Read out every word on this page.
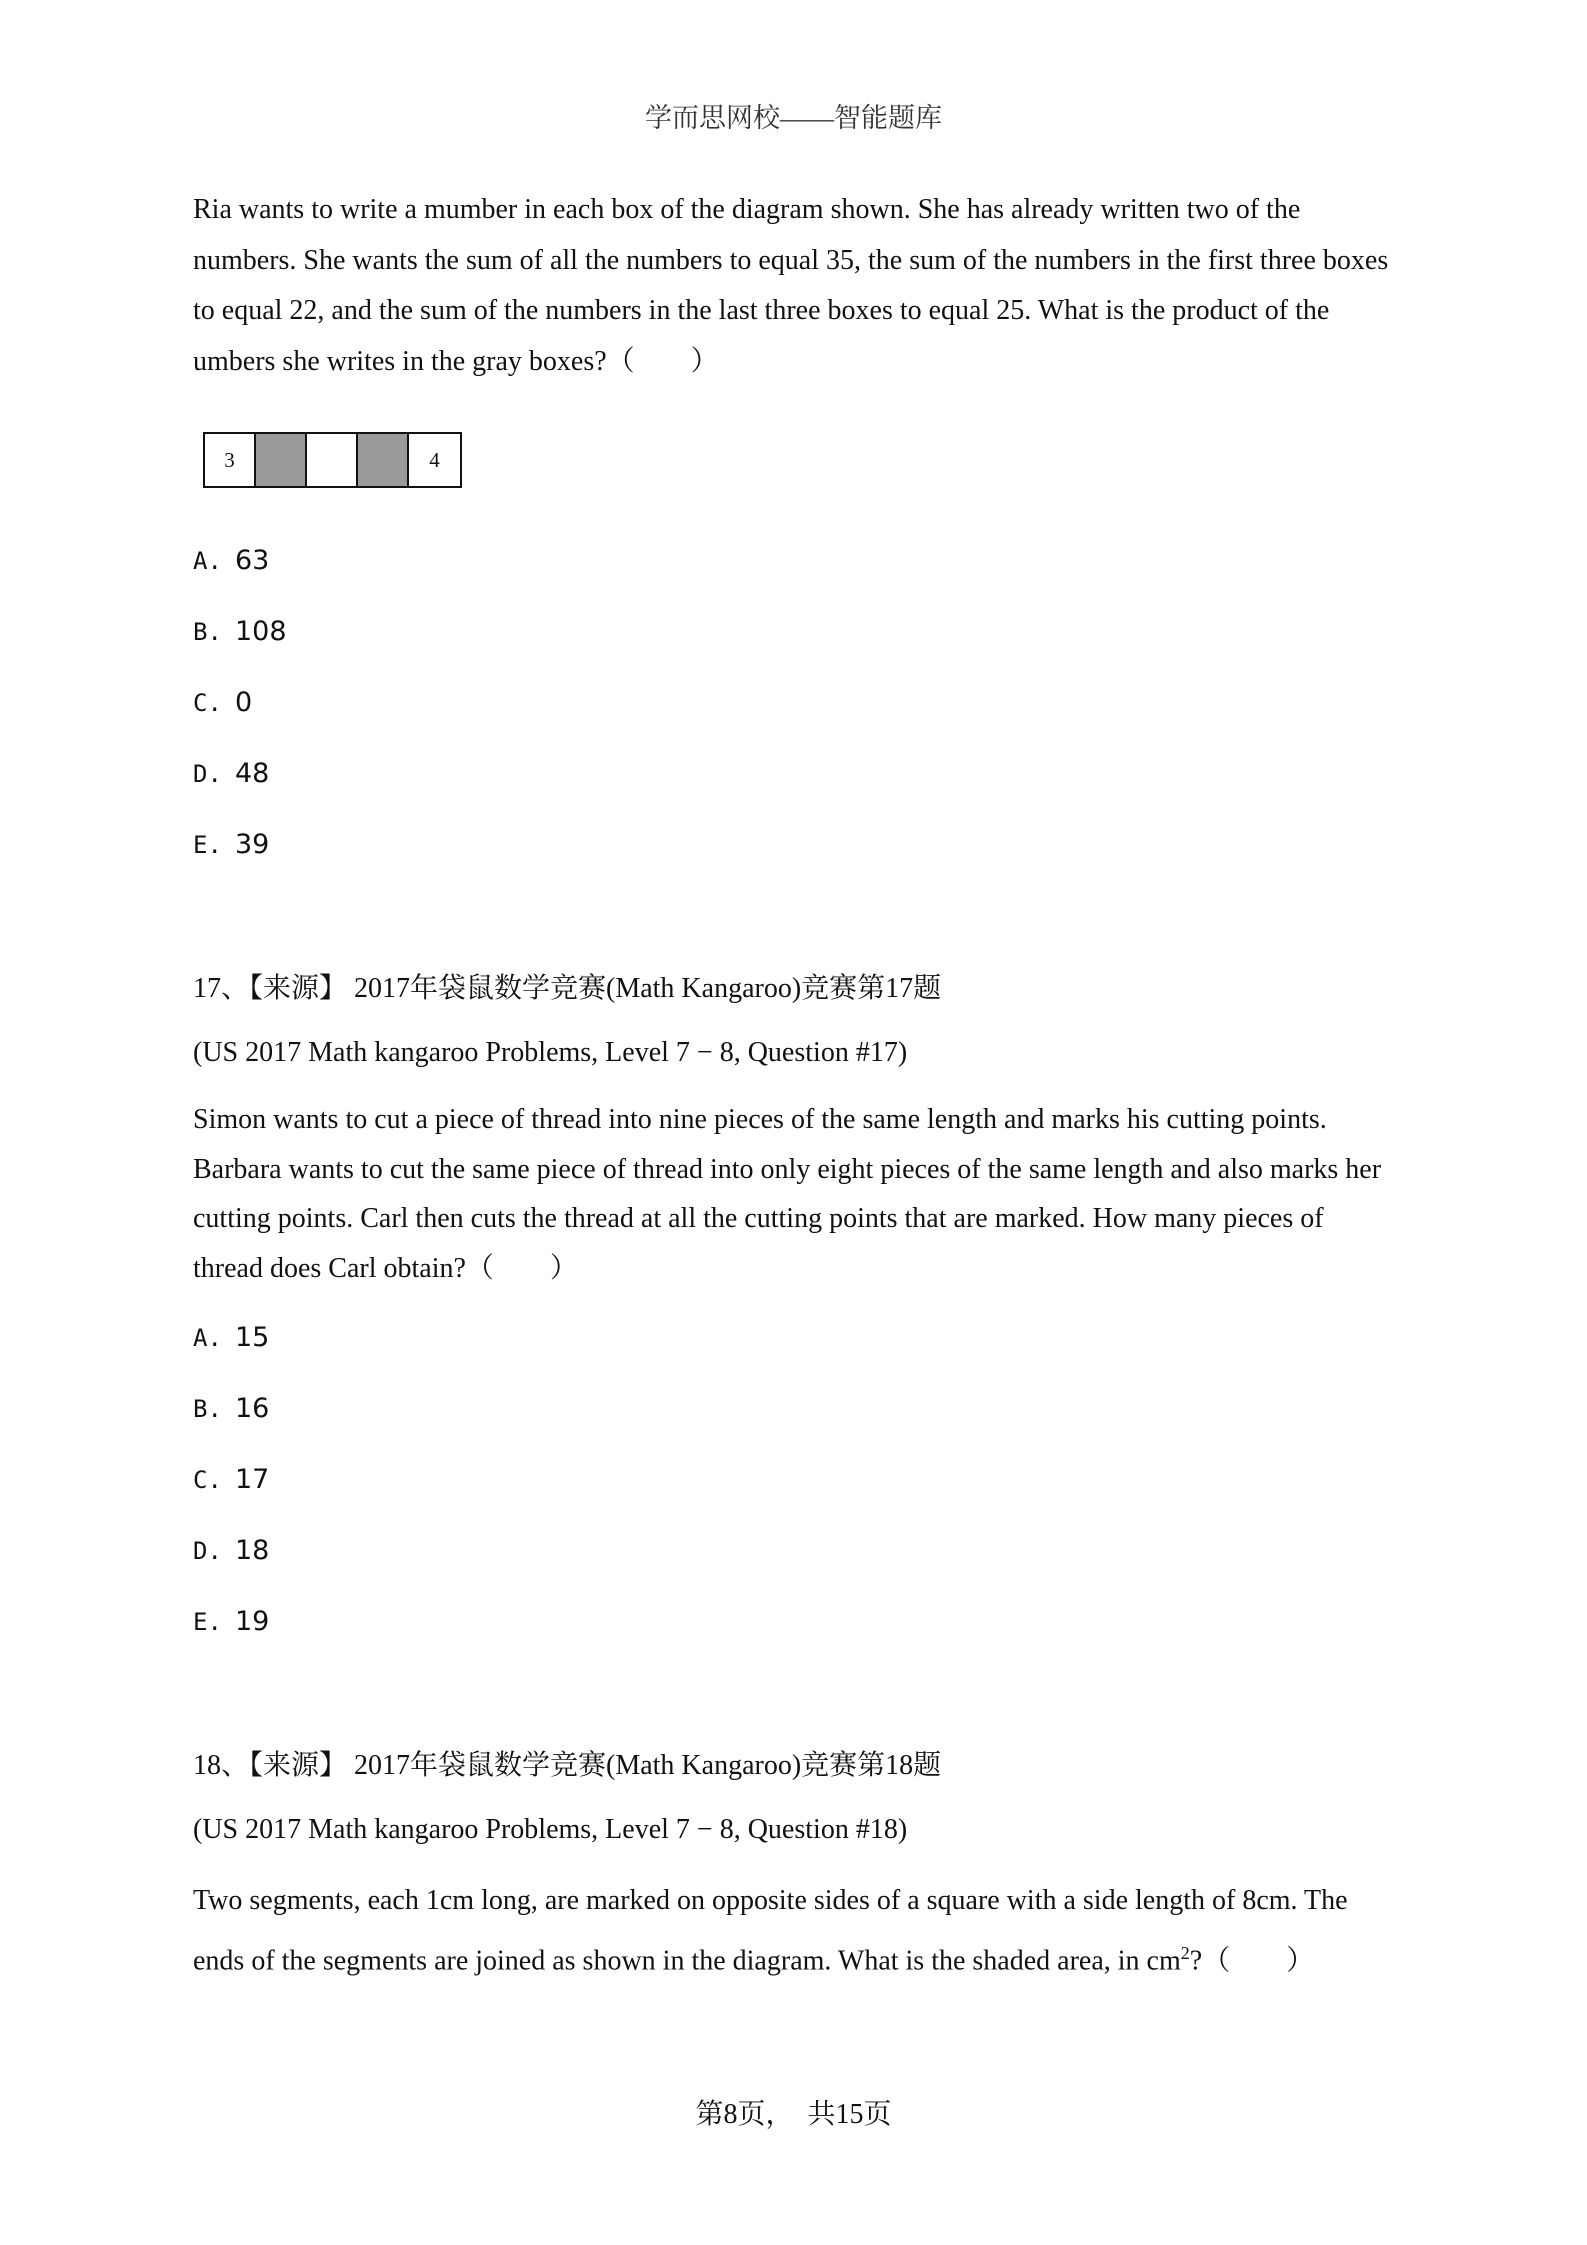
学而思网校——智能题库

Ria wants to write a mumber in each box of the diagram shown. She has already written two of the
numbers. She wants the sum of all the numbers to equal 35, the sum of the numbers in the first three boxes
to equal 22, and the sum of the numbers in the last three boxes to equal 25. What is the product of the
umbers she writes in the gray boxes?（　　）

3	4
A. 63
B. 108
C. 0
D. 48
E. 39
17、【来源】 2017年袋鼠数学竞赛(Math Kangaroo)竞赛第17题
(US 2017 Math kangaroo Problems, Level 7 − 8, Question #17)

Simon wants to cut a piece of thread into nine pieces of the same length and marks his cutting points.
Barbara wants to cut the same piece of thread into only eight pieces of the same length and also marks her
cutting points. Carl then cuts the thread at all the cutting points that are marked. How many pieces of
thread does Carl obtain?（　　）

A. 15
B. 16
C. 17
D. 18
E. 19
18、【来源】 2017年袋鼠数学竞赛(Math Kangaroo)竞赛第18题
(US 2017 Math kangaroo Problems, Level 7 − 8, Question #18)

Two segments, each 1cm long, are marked on opposite sides of a square with a side length of 8cm. The
ends of the segments are joined as shown in the diagram. What is the shaded area, in $cm^2$?（　　）

第8页，　共15页
